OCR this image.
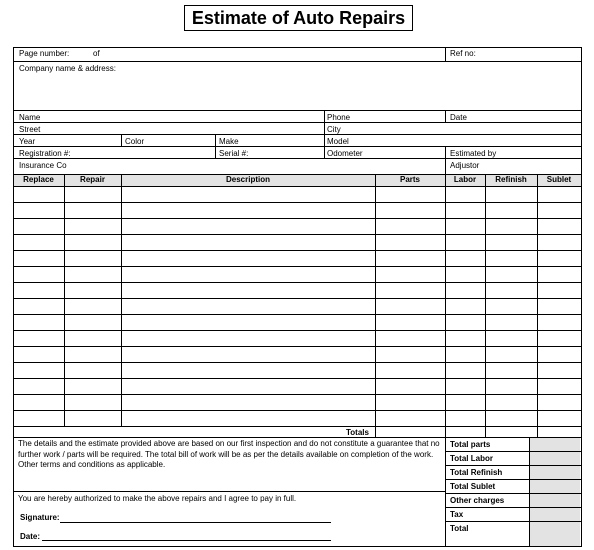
Estimate of Auto Repairs
Page number:	of	Ref no:
Company name & address:
Name	Phone	Date
Street	City
Year	Color	Make	Model
Registration #:	Serial #:	Odometer	Estimated by
Insurance Co	Adjustor
Replace	Repair	Description	Parts	Labor	Refinish	Sublet
Totals
The details and the estimate provided above are based on our first inspection and do not constitute a guarantee that no further work / parts will be required. The total bill of work will be as per the details available on completion of the work. Other terms and conditions as applicable.
You are hereby authorized to make the above repairs and I agree to pay in full.
Signature:
Date:
Total parts
Total Labor
Total Refinish
Total Sublet
Other charges
Tax
Total
